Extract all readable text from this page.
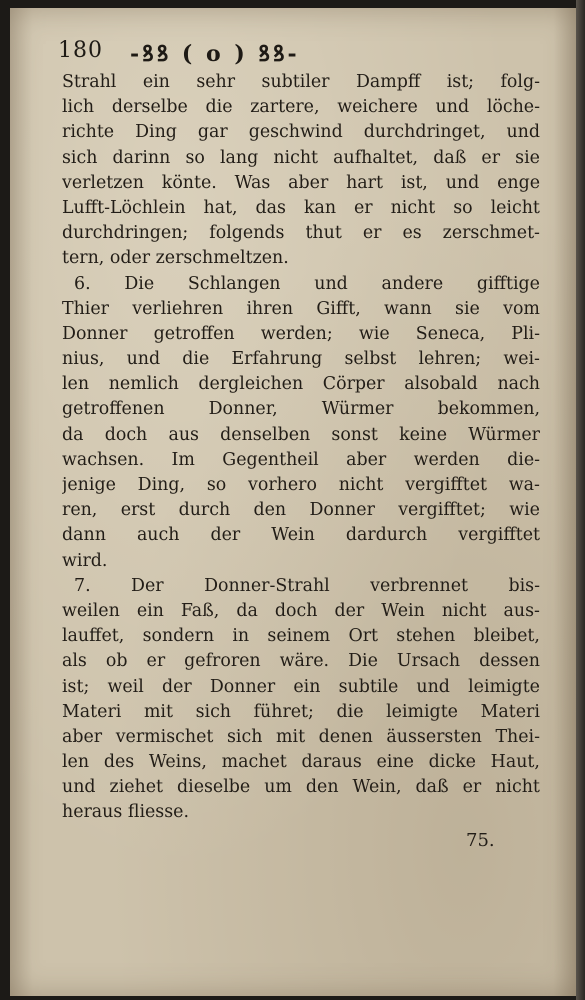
180 -ꝸꝸ ( o ) ꝸꝸ-
Strahl ein sehr subtiler Dampff ist; folg-
lich derselbe die zartere, weichere und löche-
richte Ding gar geschwind durchdringet, und
sich darinn so lang nicht aufhaltet, daß er sie
verletzen könte. Was aber hart ist, und enge
Lufft-Löchlein hat, das kan er nicht so leicht
durchdringen; folgends thut er es zerschmet-
tern,
oder
zerschmeltzen.

6. Die Schlangen und andere gifftige
Thier verliehren ihren Gifft, wann sie vom
Donner getroffen werden; wie Seneca, Pli-
nius, und die Erfahrung selbst lehren; wei-
len nemlich dergleichen Cörper alsobald nach
getroffenen	Donner,	Würmer	bekommen,
da doch aus denselben sonst keine Würmer
wachsen. Im Gegentheil aber werden die-
jenige Ding, so vorhero nicht vergifftet wa-
ren, erst durch den Donner vergifftet; wie
dann auch der Wein dardurch vergifftet
wird.

7. Der Donner-Strahl verbrennet bis-
weilen ein Faß, da doch der Wein nicht aus-
lauffet, sondern in seinem Ort stehen bleibet,
als ob er gefroren wäre. Die Ursach dessen
ist; weil der Donner ein subtile und leimigte
Materi mit sich führet; die leimigte Materi
aber vermischet sich mit denen äussersten Thei-
len des Weins, machet daraus eine dicke Haut,
und ziehet dieselbe um den Wein, daß er nicht
heraus
fliesse.

75.
